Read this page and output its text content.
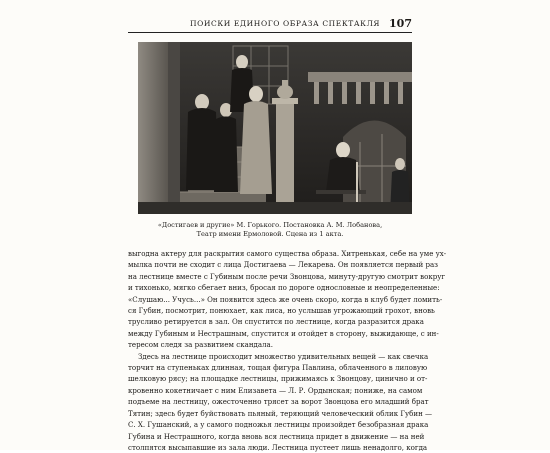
ПОИСКИ ЕДИНОГО ОБРАЗА СПЕКТАКЛЯ 107

«Достигаев и другие» М. Горького. Постановка А. М. Лобанова,

Театр имени Ермоловой. Сцена из 1 акта.

выгодна актеру для раскрытия самого существа образа. Хитренькая, себе на уме ух-
мылка почти не сходит с лица Достигаева — Лекарева. Он появляется первый раз
на лестнице вместе с Губиным после речи Звонцова, минуту-другую смотрит вокруг
и тихонько, мягко сбегает вниз, бросая по дороге однословные и неопределенные:
«Слушаю... Учусь...» Он появится здесь же очень скоро, когда в клуб будет ломить-
ся Губин, посмотрит, понюхает, как лиса, но услышав угрожающий грохот, вновь
трусливо ретируется в зал. Он спустится по лестнице, когда разразится драка
между Губиным и Нестрашным, спустится и отойдет в сторону, выжидающе, с ин-
тересом следя за развитием скандала.
Здесь на лестнице происходит множество удивительных вещей — как свечка
торчит на ступеньках длинная, тощая фигура Павлина, облаченного в лиловую
шелковую рясу; на площадке лестницы, прижимаясь к Звонцову, цинично и от-
кровенно кокетничает с ним Елизавета — Л. Р. Ордынская; пониже, на самом
подъеме на лестницу, ожесточенно трясет за ворот Звонцова его младший брат
Тятин; здесь будет буйствовать пьяный, теряющий человеческий облик Губин —
С. Х. Гушанский, а у самого подножья лестницы произойдет безобразная драка
Губина и Нестрашного, когда вновь вся лестница придет в движение — на ней
столпятся высыпавшие из зала люди. Лестница пустеет лишь ненадолго, когда
